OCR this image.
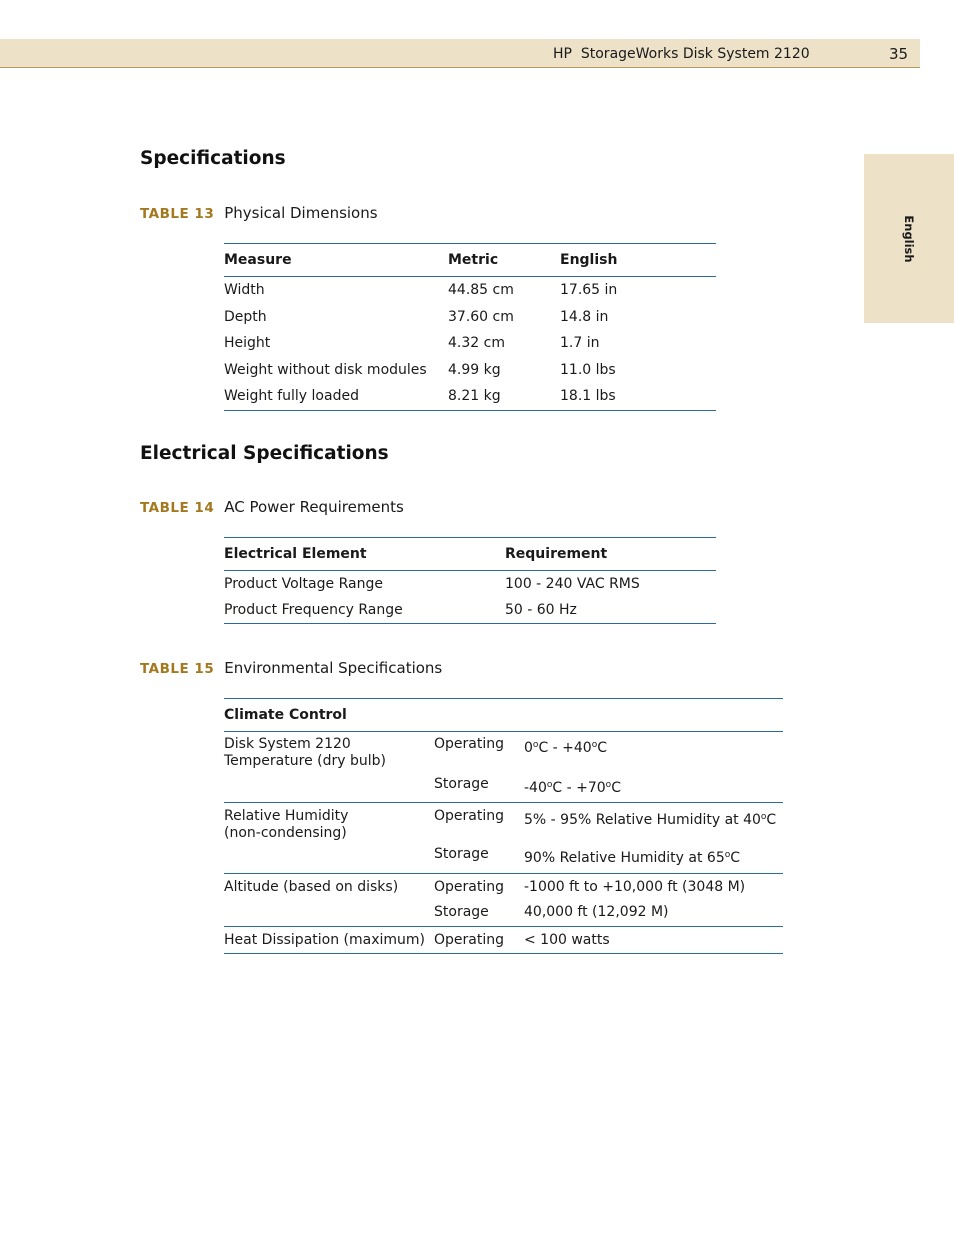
HP  StorageWorks Disk System 2120	35
English
Specifications
TABLE 13 Physical Dimensions
Measure	Metric	English
Width	44.85 cm	17.65 in
Depth	37.60 cm	14.8 in
Height	4.32 cm	1.7 in
Weight without disk modules	4.99 kg	11.0 lbs
Weight fully loaded	8.21 kg	18.1 lbs
Electrical Specifications
TABLE 14 AC Power Requirements
Electrical Element	Requirement
Product Voltage Range	100 - 240 VAC RMS
Product Frequency Range	50 - 60 Hz
TABLE 15 Environmental Specifications
Climate Control		

Disk System 2120
Temperature (dry bulb)	Operating	$0^oC - +40^oC$
	Storage	$-40^oC - +70^oC$

Relative Humidity
(non-condensing)	Operating	5% - 95% Relative Humidity at 40$^o$C
	Storage	90% Relative Humidity at 65$^o$C
Altitude (based on disks)	Operating	-1000 ft to +10,000 ft (3048 M)
	Storage	40,000 ft (12,092 M)
Heat Dissipation (maximum)	Operating	< 100 watts
